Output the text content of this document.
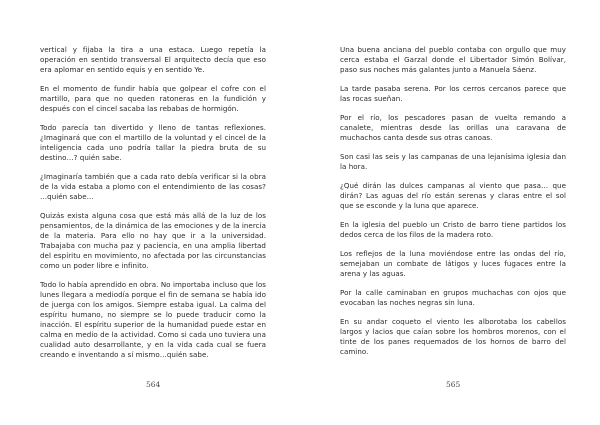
vertical y fijaba la tira a una estaca. Luego repetía la operación en sentido transversal El arquitecto decía que eso era aplomar en sentido equis y en sentido Ye.

En el momento de fundir había que golpear el cofre con el martillo, para que no queden ratoneras en la fundición y después con el cincel sacaba las rebabas de hormigón.

Todo parecía tan divertido y lleno de tantas reflexiones. ¿Imaginará que con el martillo de la voluntad y el cincel de la inteligencia cada uno podría tallar la piedra bruta de su destino…? quién sabe.

¿Imaginaría también que a cada rato debía verificar si la obra de la vida estaba a plomo con el entendimiento de las cosas? …quién sabe…

Quizás exista alguna cosa que está más allá de la luz de los pensamientos, de la dinámica de las emociones y de la inercia de la materia. Para ello no hay que ir a la universidad. Trabajaba con mucha paz y paciencia, en una amplia libertad del espíritu en movimiento, no afectada por las circunstancias como un poder libre e infinito.

Todo lo había aprendido en obra. No importaba incluso que los lunes llegara a mediodía porque el fin de semana se había ido de juerga con los amigos. Siempre estaba igual. La calma del espíritu humano, no siempre se lo puede traducir como la inacción. El espíritu superior de la humanidad puede estar en calma en medio de la actividad. Como si cada uno tuviera una cualidad auto desarrollante, y en la vida cada cual se fuera creando e inventando a sí mismo…quién sabe.

564

Una buena anciana del pueblo contaba con orgullo que muy cerca estaba el Garzal donde el Libertador Simón Bolívar, paso sus noches más galantes junto a Manuela Sáenz.

La tarde pasaba serena. Por los cerros cercanos parece que las rocas sueñan.

Por el río, los pescadores pasan de vuelta remando a canalete, mientras desde las orillas una caravana de muchachos canta desde sus otras canoas.

Son casi las seis y las campanas de una lejanísima iglesia dan la hora.

¿Qué dirán las dulces campanas al viento que pasa… que dirán? Las aguas del río están serenas y claras entre el sol que se esconde y la luna que aparece.

En la iglesia del pueblo un Cristo de barro tiene partidos los dedos cerca de los filos de la madera roto.

Los reflejos de la luna moviéndose entre las ondas del río, semejaban un combate de látigos y luces fugaces entre la arena y las aguas.

Por la calle caminaban en grupos muchachas con ojos que evocaban las noches negras sin luna.

En su andar coqueto el viento les alborotaba los cabellos largos y lacios que caían sobre los hombros morenos, con el tinte de los panes requemados de los hornos de barro del camino.

565
